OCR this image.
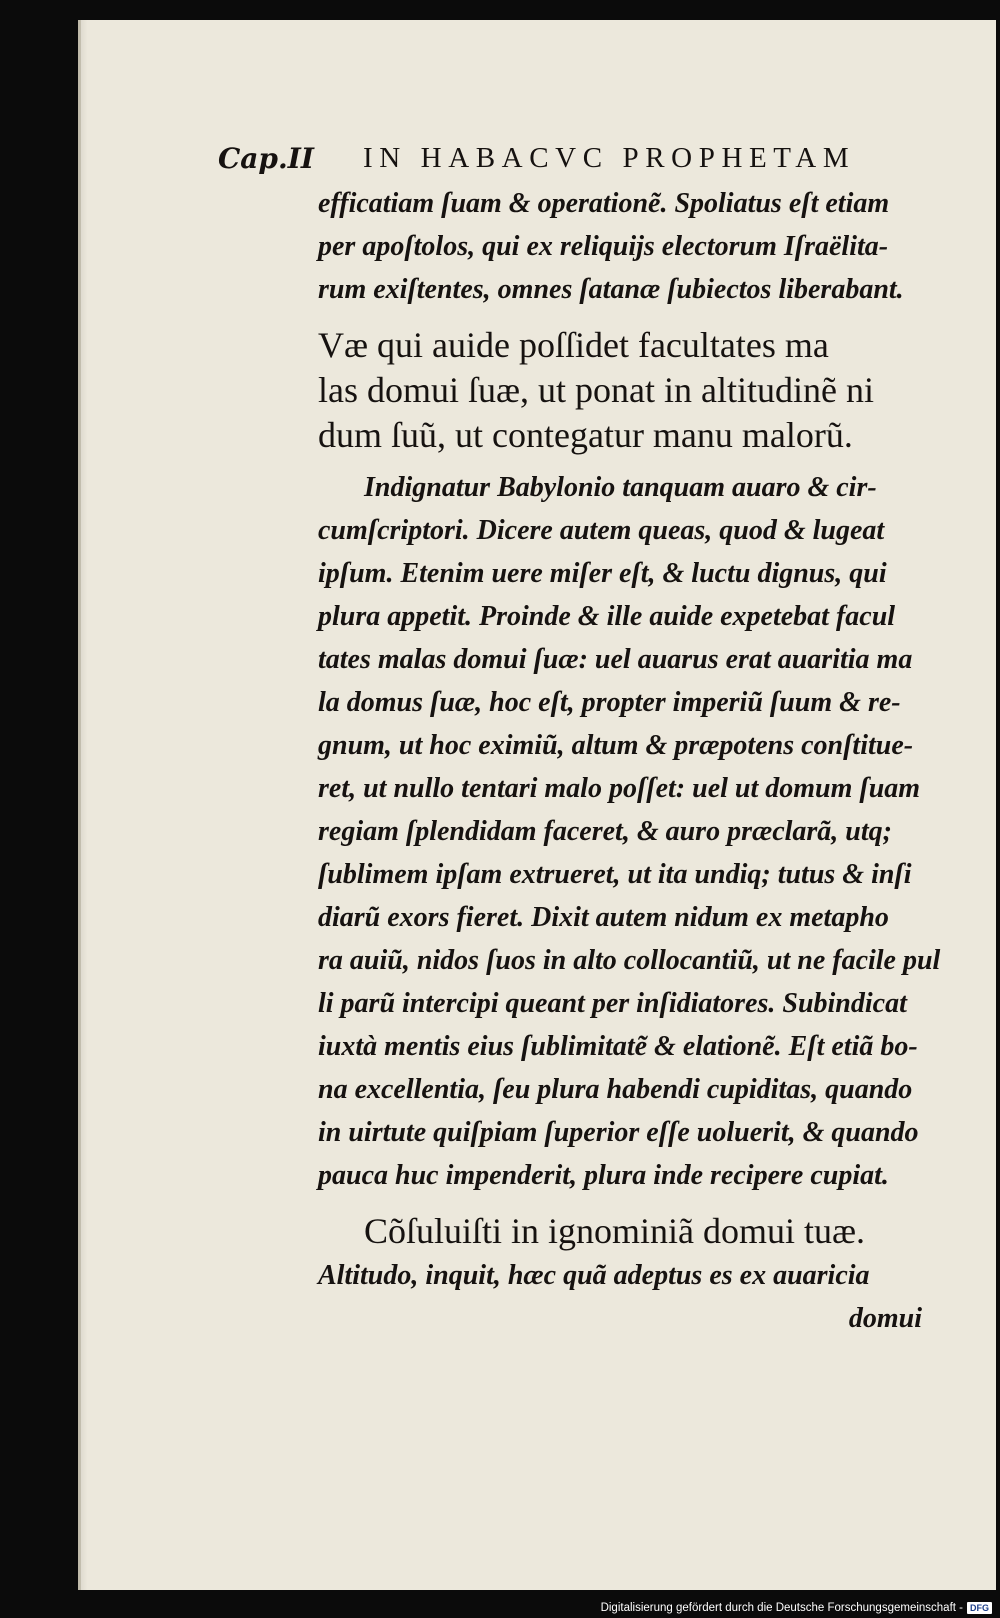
Cap.II IN HABACVC PROPHETAM
efficatiam ſuam & operationẽ. Spoliatus eſt etiam
per apoſtolos, qui ex reliquijs electorum Iſraëlita-
rum exiſtentes, omnes ſatanæ ſubiectos liberabant.
Væ qui auide poſſidet facultates ma
las domui ſuæ, ut ponat in altitudinẽ ni
dum ſuũ, ut contegatur manu malorũ.
Indignatur Babylonio tanquam auaro & cir-
cumſcriptori. Dicere autem queas, quod & lugeat
ipſum. Etenim uere miſer eſt, & luctu dignus, qui
plura appetit. Proinde & ille auide expetebat facul
tates malas domui ſuæ: uel auarus erat auaritia ma
la domus ſuæ, hoc eſt, propter imperiũ ſuum & re-
gnum, ut hoc eximiũ, altum & præpotens conſtitue-
ret, ut nullo tentari malo poſſet: uel ut domum ſuam
regiam ſplendidam faceret, & auro præclarã, utq;
ſublimem ipſam extrueret, ut ita undiq; tutus & inſi
diarũ exors fieret. Dixit autem nidum ex metapho
ra auiũ, nidos ſuos in alto collocantiũ, ut ne facile pul
li parũ intercipi queant per inſidiatores. Subindicat
iuxtà mentis eius ſublimitatẽ & elationẽ. Eſt etiã bo-
na excellentia, ſeu plura habendi cupiditas, quando
in uirtute quiſpiam ſuperior eſſe uoluerit, & quando
pauca huc impenderit, plura inde recipere cupiat.
Cõſuluiſti in ignominiã domui tuæ.
Altitudo, inquit, hæc quã adeptus es ex auaricia
domui
Digitalisierung gefördert durch die Deutsche Forschungsgemeinschaft - DFG
